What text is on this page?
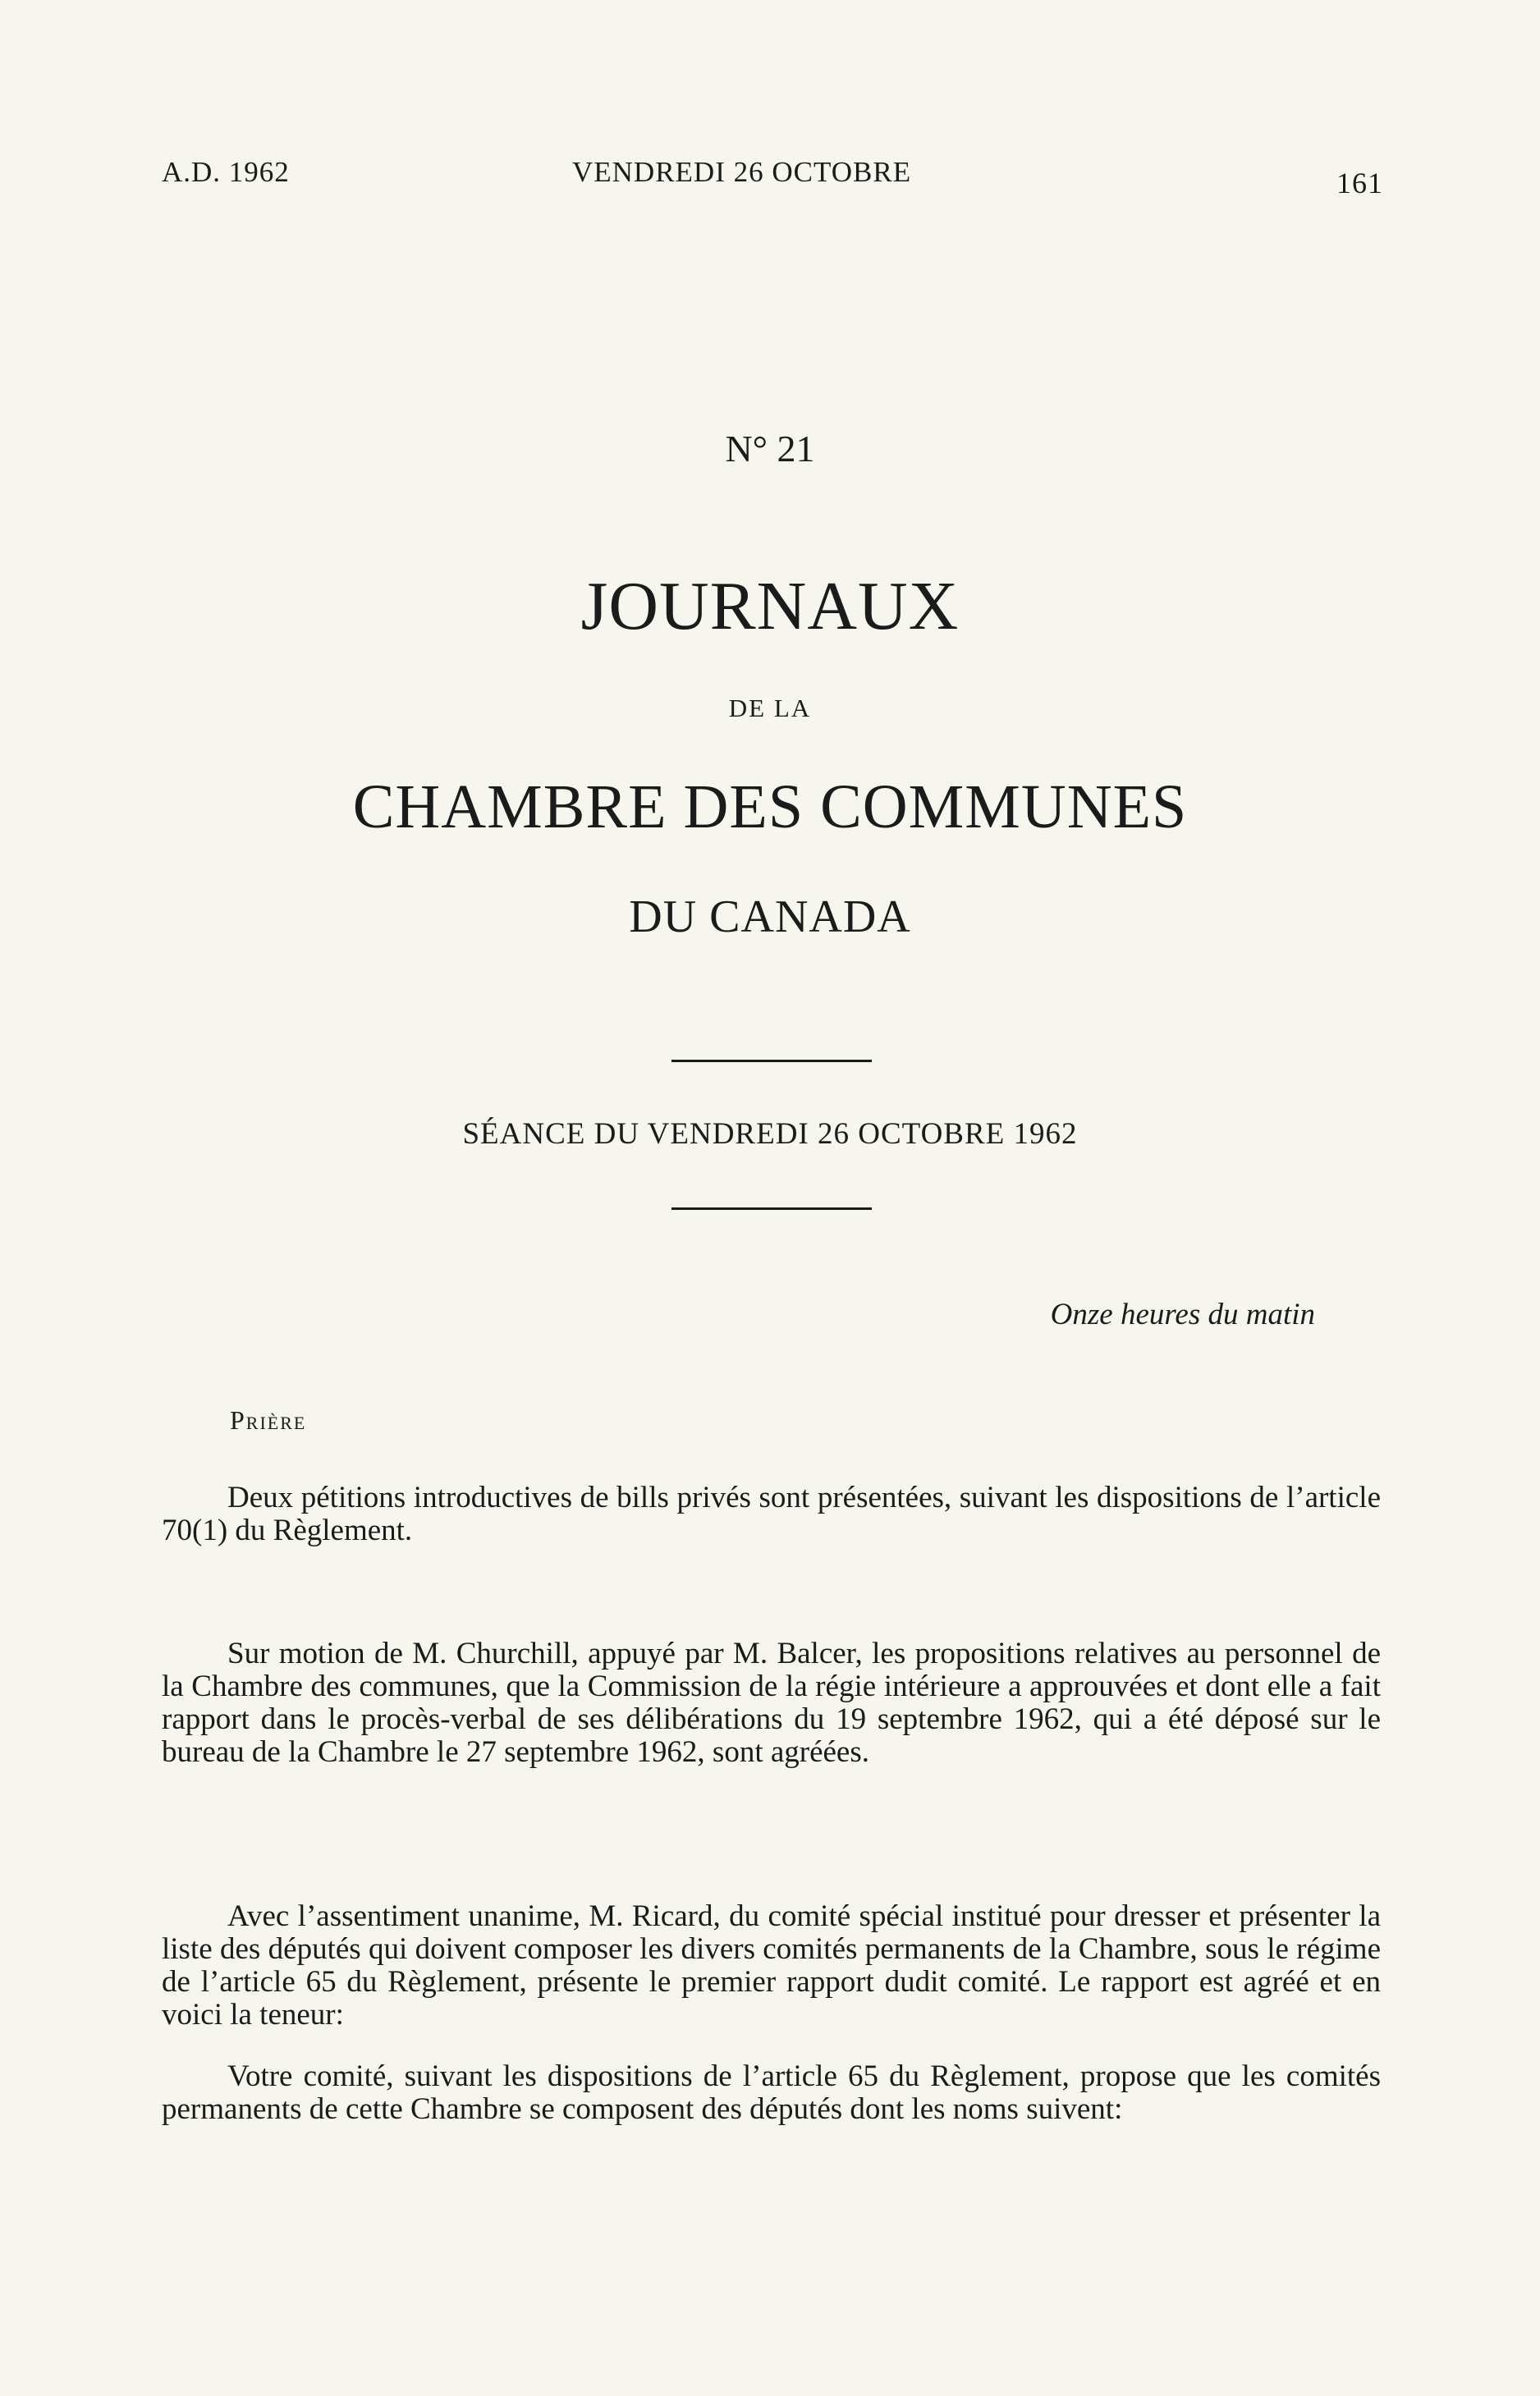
A.D. 1962	VENDREDI 26 OCTOBRE	161
N° 21
JOURNAUX
DE LA
CHAMBRE DES COMMUNES
DU CANADA
SÉANCE DU VENDREDI 26 OCTOBRE 1962
Onze heures du matin
Prière

Deux pétitions introductives de bills privés sont présentées, suivant les dispositions de l’article 70(1) du Règlement.

Sur motion de M. Churchill, appuyé par M. Balcer, les propositions relatives au personnel de la Chambre des communes, que la Commission de la régie intérieure a approuvées et dont elle a fait rapport dans le procès-verbal de ses délibérations du 19 septembre 1962, qui a été déposé sur le bureau de la Chambre le 27 septembre 1962, sont agréées.

Avec l’assentiment unanime, M. Ricard, du comité spécial institué pour dresser et présenter la liste des députés qui doivent composer les divers comités permanents de la Chambre, sous le régime de l’article 65 du Règlement, présente le premier rapport dudit comité. Le rapport est agréé et en voici la teneur:

Votre comité, suivant les dispositions de l’article 65 du Règlement, propose que les comités permanents de cette Chambre se composent des députés dont les noms suivent:
